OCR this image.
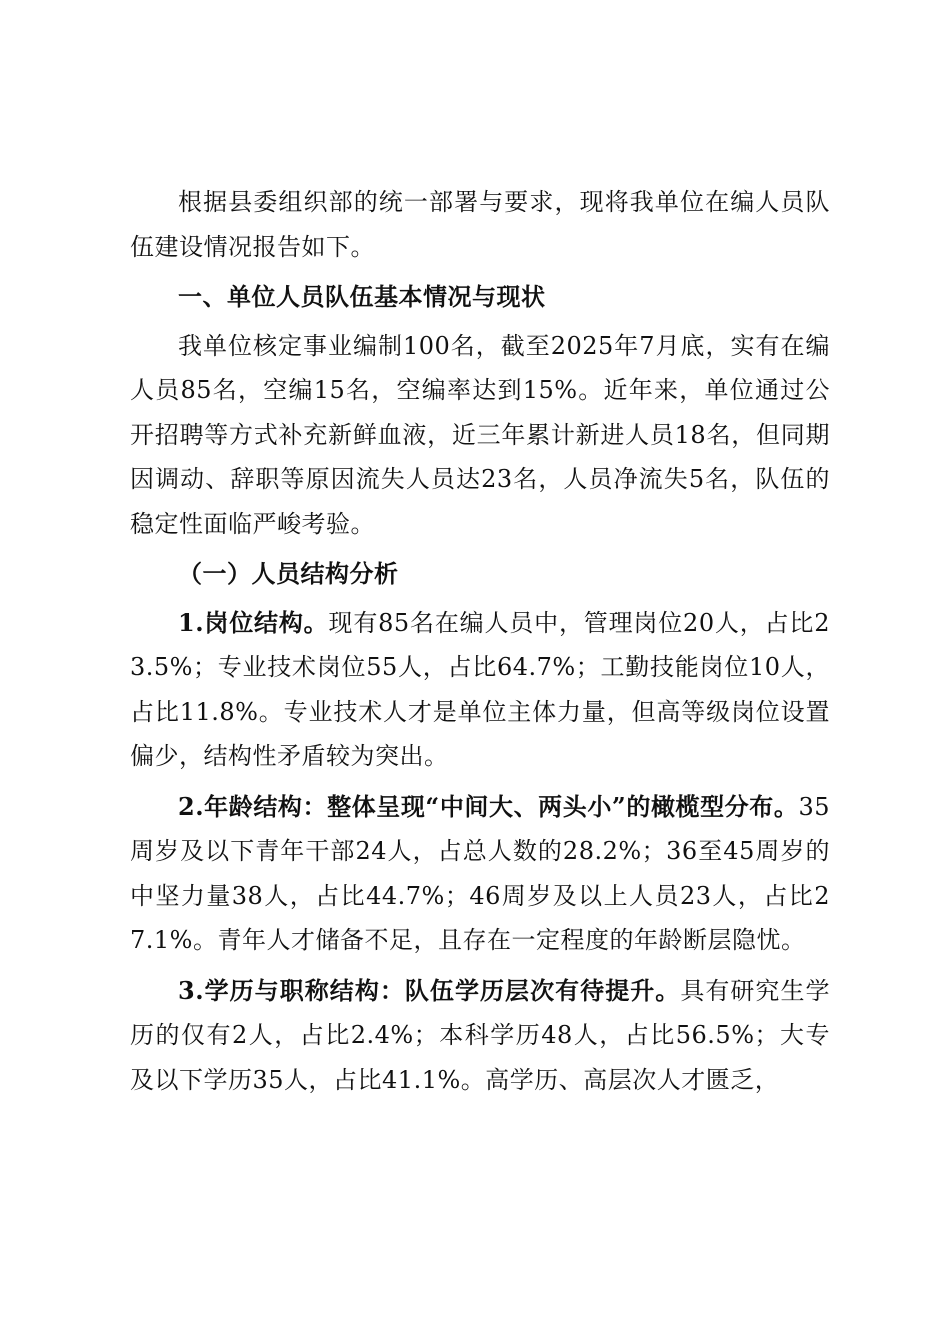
根据县委组织部的统一部署与要求，现将我单位在编人员队伍建设情况报告如下。

一、单位人员队伍基本情况与现状

我单位核定事业编制100名，截至2025年7月底，实有在编人员85名，空编15名，空编率达到15%。近年来，单位通过公开招聘等方式补充新鲜血液，近三年累计新进人员18名，但同期因调动、辞职等原因流失人员达23名，人员净流失5名，队伍的稳定性面临严峻考验。

（一）人员结构分析

1.岗位结构。现有85名在编人员中，管理岗位20人，占比23.5%；专业技术岗位55人，占比64.7%；工勤技能岗位10人，占比11.8%。专业技术人才是单位主体力量，但高等级岗位设置偏少，结构性矛盾较为突出。

2.年龄结构：整体呈现“中间大、两头小”的橄榄型分布。35周岁及以下青年干部24人，占总人数的28.2%；36至45周岁的中坚力量38人，占比44.7%；46周岁及以上人员23人，占比27.1%。青年人才储备不足，且存在一定程度的年龄断层隐忧。

3.学历与职称结构：队伍学历层次有待提升。具有研究生学历的仅有2人，占比2.4%；本科学历48人，占比56.5%；大专及以下学历35人，占比41.1%。高学历、高层次人才匮乏，
